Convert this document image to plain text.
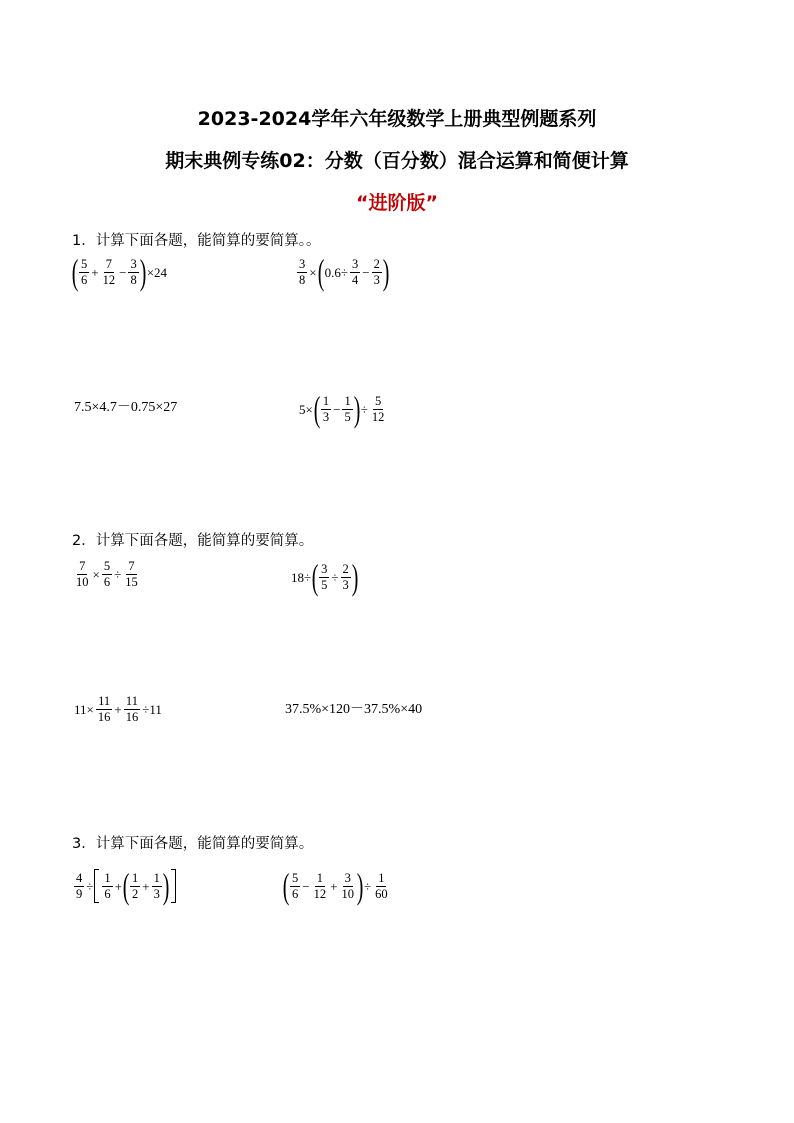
2023-2024学年六年级数学上册典型例题系列
期末典例专练02：分数（百分数）混合运算和简便计算
“进阶版”
1．计算下面各题，能简算的要简算。。
( $\frac{5}{6} + \frac{7}{12} - \frac{3}{8}$ ) ×24	$\frac{3}{8}$ × ( $0.6\div \frac{3}{4} - \frac{2}{3}$ )
7.5×4.7－0.75×27	5× ( $\frac{1}{3} - \frac{1}{5}$ ) ÷ $\frac{5}{12}$
2．计算下面各题，能简算的要简算。
$\frac{7}{10} \times \frac{5}{6} \div \frac{7}{15}$	18÷ ( $\frac{3}{5} \div \frac{2}{3}$ )
$11\times \frac{11}{16} + \frac{11}{16} \div 11$	37.5%×120－37.5%×40
3．计算下面各题，能简算的要简算。
$\frac{4}{9} \div \frac{1}{6}$ + ( $\frac{1}{2} + \frac{1}{3}$ )	( $\frac{5}{6} - \frac{1}{12} + \frac{3}{10}$ ) ÷ $\frac{1}{60}$
